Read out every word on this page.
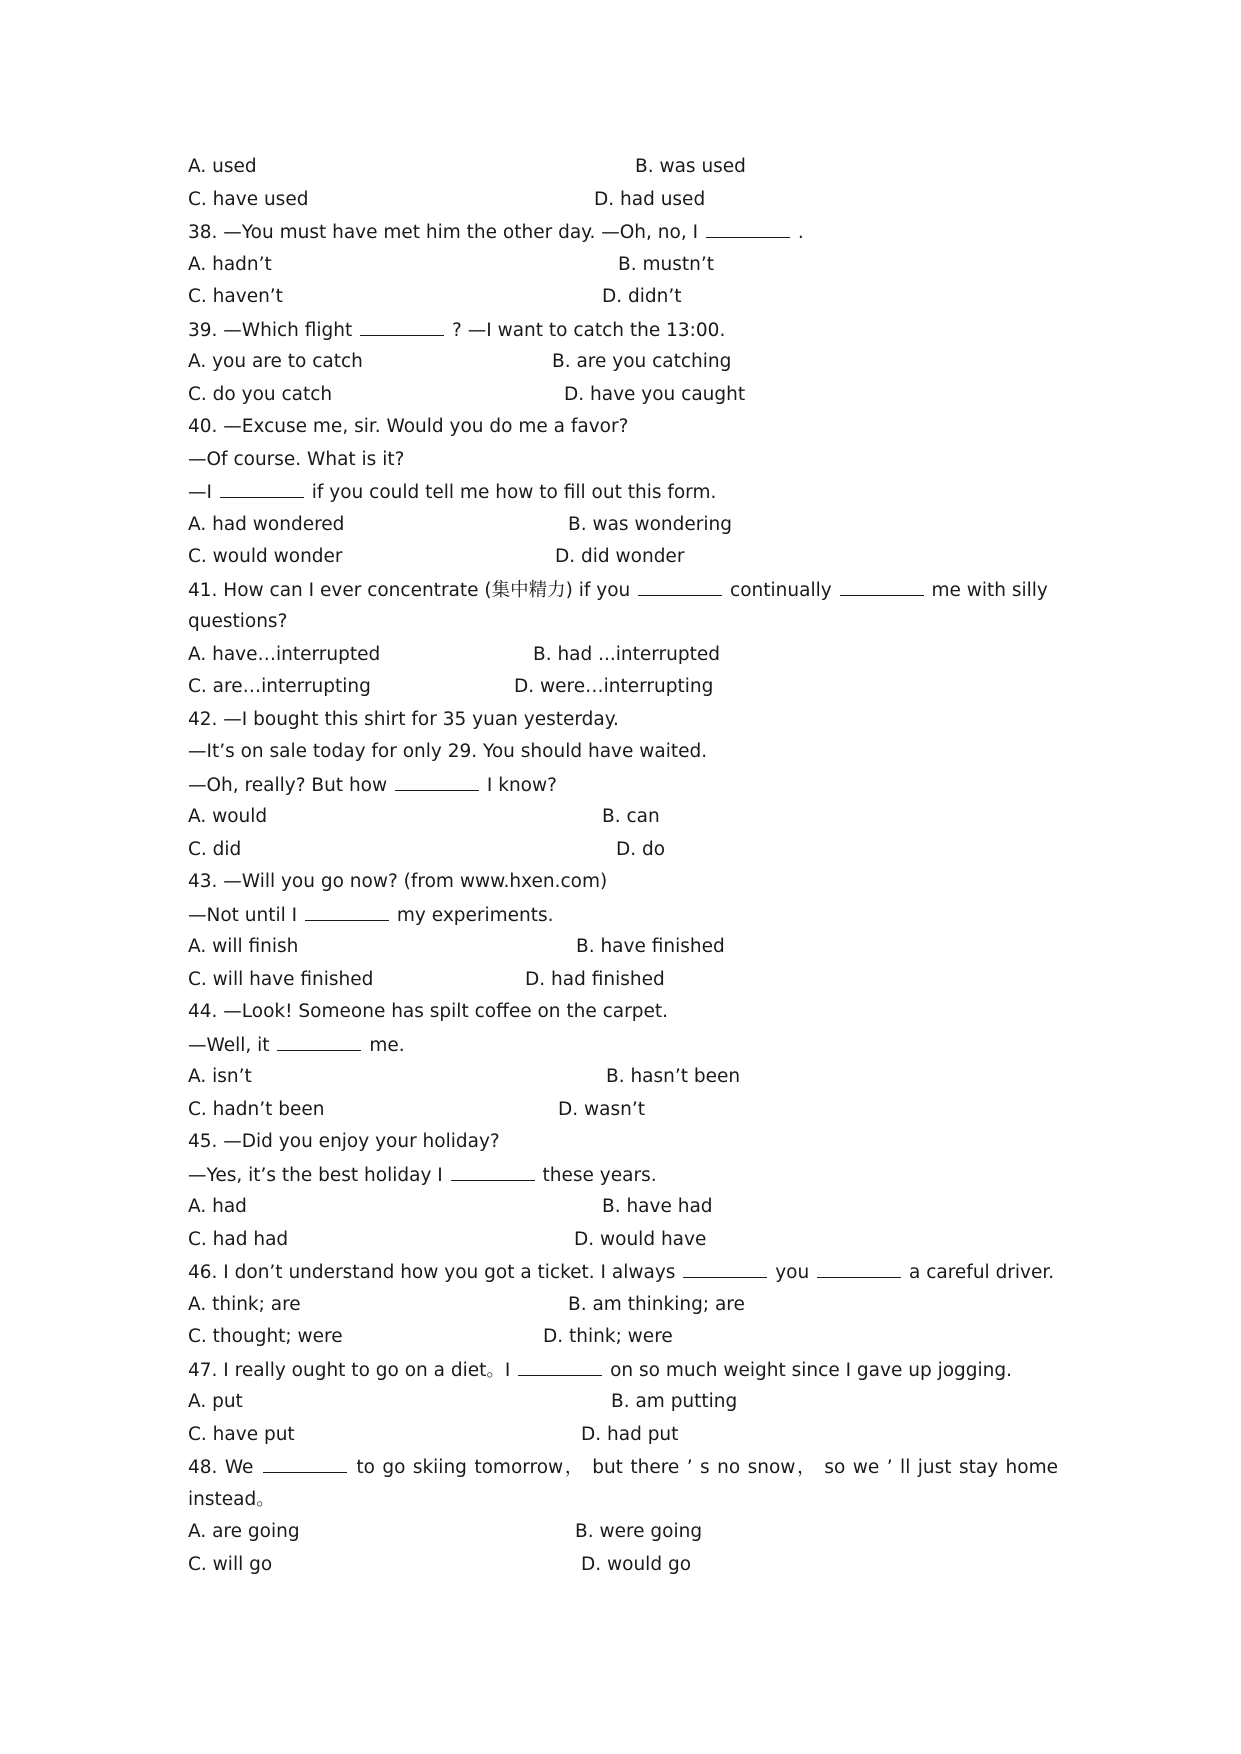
A. used	B. was used
C. have used	D. had used
38. —You must have met him the other day. —Oh, no, I	.
A. hadn’t	B. mustn’t
C. haven’t	D. didn’t
39. —Which flight	? —I want to catch the 13:00.
A. you are to catch	B. are you catching
C. do you catch	D. have you caught
40. —Excuse me, sir. Would you do me a favor?
—Of course. What is it?
—I	if you could tell me how to fill out this form.
A. had wondered	B. was wondering
C. would wonder	D. did wonder
41. How can I ever concentrate (集中精力) if you	continually	me with silly
questions?
A. have…interrupted	B. had ...interrupted
C. are…interrupting	D. were…interrupting
42. —I bought this shirt for 35 yuan yesterday.
—It’s on sale today for only 29. You should have waited.
—Oh, really? But how	I know?
A. would	B. can
C. did	D. do
43. —Will you go now? (from www.hxen.com)
—Not until I	my experiments.
A. will finish	B. have finished
C. will have finished	D. had finished
44. —Look! Someone has spilt coffee on the carpet.
—Well, it	me.
A. isn’t	B. hasn’t been
C. hadn’t been	D. wasn’t
45. —Did you enjoy your holiday?
—Yes, it’s the best holiday I	these years.
A. had	B. have had
C. had had	D. would have
46. I don’t understand how you got a ticket. I always	you	a careful driver.
A. think; are	B. am thinking; are
C. thought; were	D. think; were
47. I really ought to go on a diet。I	on so much weight since I gave up jogging.
A. put	B. am putting
C. have put	D. had put
48. We	to go skiing tomorrow， but there ’ s no snow， so we ’ ll just stay home
instead。
A. are going	B. were going
C. will go	D. would go
